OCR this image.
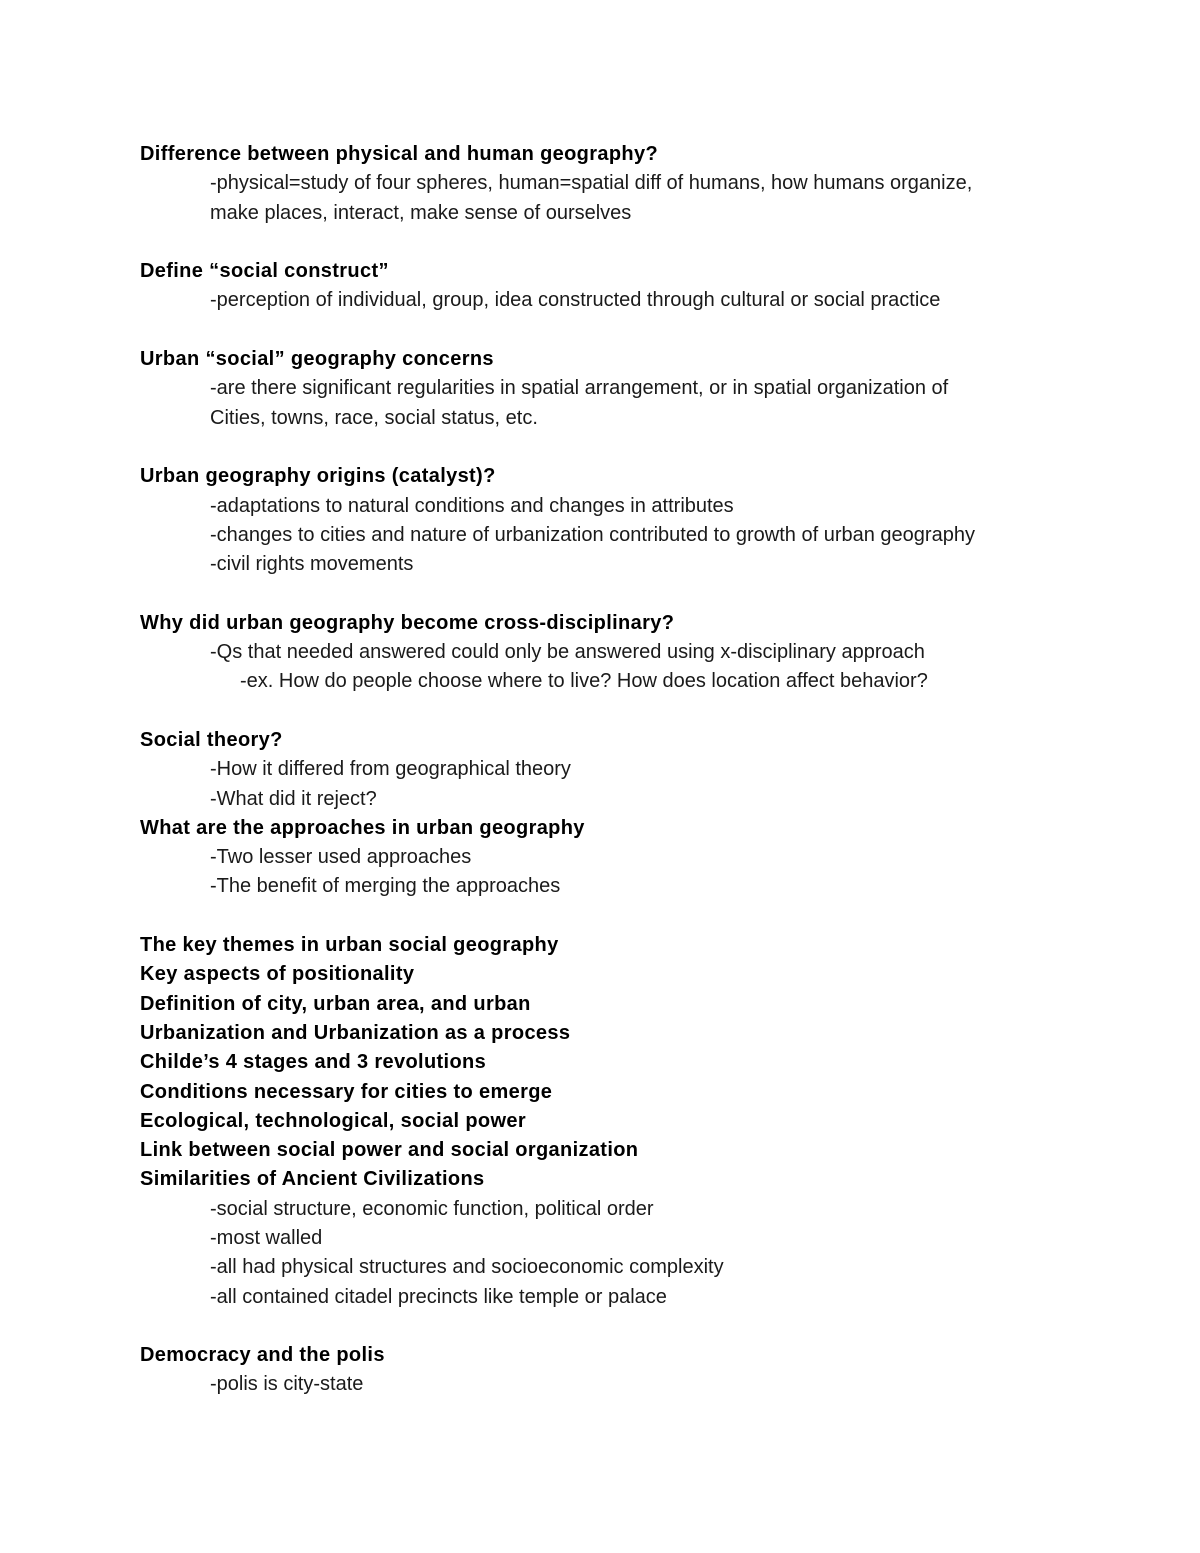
Difference between physical and human geography?
-physical=study of four spheres, human=spatial diff of humans, how humans organize,
make places, interact, make sense of ourselves
Define “social construct”
-perception of individual, group, idea constructed through cultural or social practice
Urban “social” geography concerns
-are there significant regularities in spatial arrangement, or in spatial organization of
Cities, towns, race, social status, etc.
Urban geography origins (catalyst)?
-adaptations to natural conditions and changes in attributes
-changes to cities and nature of urbanization contributed to growth of urban geography
-civil rights movements
Why did urban geography become cross-disciplinary?
-Qs that needed answered could only be answered using x-disciplinary approach
-ex. How do people choose where to live? How does location affect behavior?
Social theory?
-How it differed from geographical theory
-What did it reject?
What are the approaches in urban geography
-Two lesser used approaches
-The benefit of merging the approaches
The key themes in urban social geography
Key aspects of positionality
Definition of city, urban area, and urban
Urbanization and Urbanization as a process
Childe’s 4 stages and 3 revolutions
Conditions necessary for cities to emerge
Ecological, technological, social power
Link between social power and social organization
Similarities of Ancient Civilizations
-social structure, economic function, political order
-most walled
-all had physical structures and socioeconomic complexity
-all contained citadel precincts like temple or palace
Democracy and the polis
-polis is city-state
